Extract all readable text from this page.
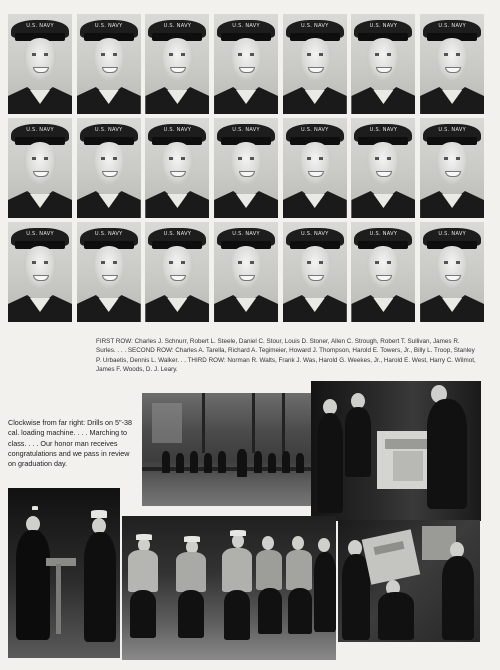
U.S. NAVY	U.S. NAVY	U.S. NAVY	U.S. NAVY	U.S. NAVY	U.S. NAVY	U.S. NAVY
U.S. NAVY	U.S. NAVY	U.S. NAVY	U.S. NAVY	U.S. NAVY	U.S. NAVY	U.S. NAVY
U.S. NAVY	U.S. NAVY	U.S. NAVY	U.S. NAVY	U.S. NAVY	U.S. NAVY	U.S. NAVY

FIRST ROW: Charles J. Schnurr, Robert L. Steele, Daniel C. Stour, Louis D. Stoner, Allen C. Strough, Robert T. Sullivan, James R. Surles. . . . SECOND ROW: Charles A. Tarella, Richard A. Tegimeier, Howard J. Thompson, Harold E. Towers, Jr., Billy L. Troop, Stanley P. Urbaetis, Dennis L. Walker. . . THIRD ROW: Norman R. Walts, Frank J. Was, Harold G. Weekes, Jr., Harold E. West, Harry C. Wilmot, James F. Woods, D. J. Leary.

Clockwise from far right: Drills on 5"-38 cal. loading machine. . . . Marching to class. . . . Our honor man receives congratulations and we pass in review on graduation day.
